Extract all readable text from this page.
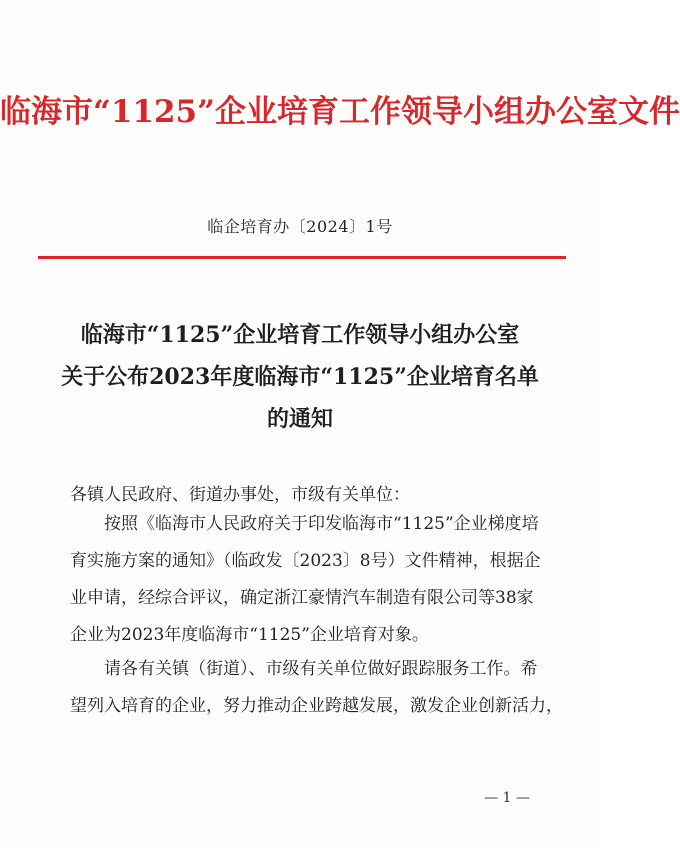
临海市“1125”企业培育工作领导小组办公室文件
临企培育办〔2024〕1号
临海市“1125”企业培育工作领导小组办公室
关于公布2023年度临海市“1125”企业培育名单
的通知
各镇人民政府、街道办事处，市级有关单位：
按照《临海市人民政府关于印发临海市“1125”企业梯度培
育实施方案的通知》（临政发〔2023〕8号）文件精神，根据企
业申请，经综合评议，确定浙江豪情汽车制造有限公司等38家
企业为2023年度临海市“1125”企业培育对象。
请各有关镇（街道）、市级有关单位做好跟踪服务工作。希
望列入培育的企业，努力推动企业跨越发展，激发企业创新活力，
— 1 —
